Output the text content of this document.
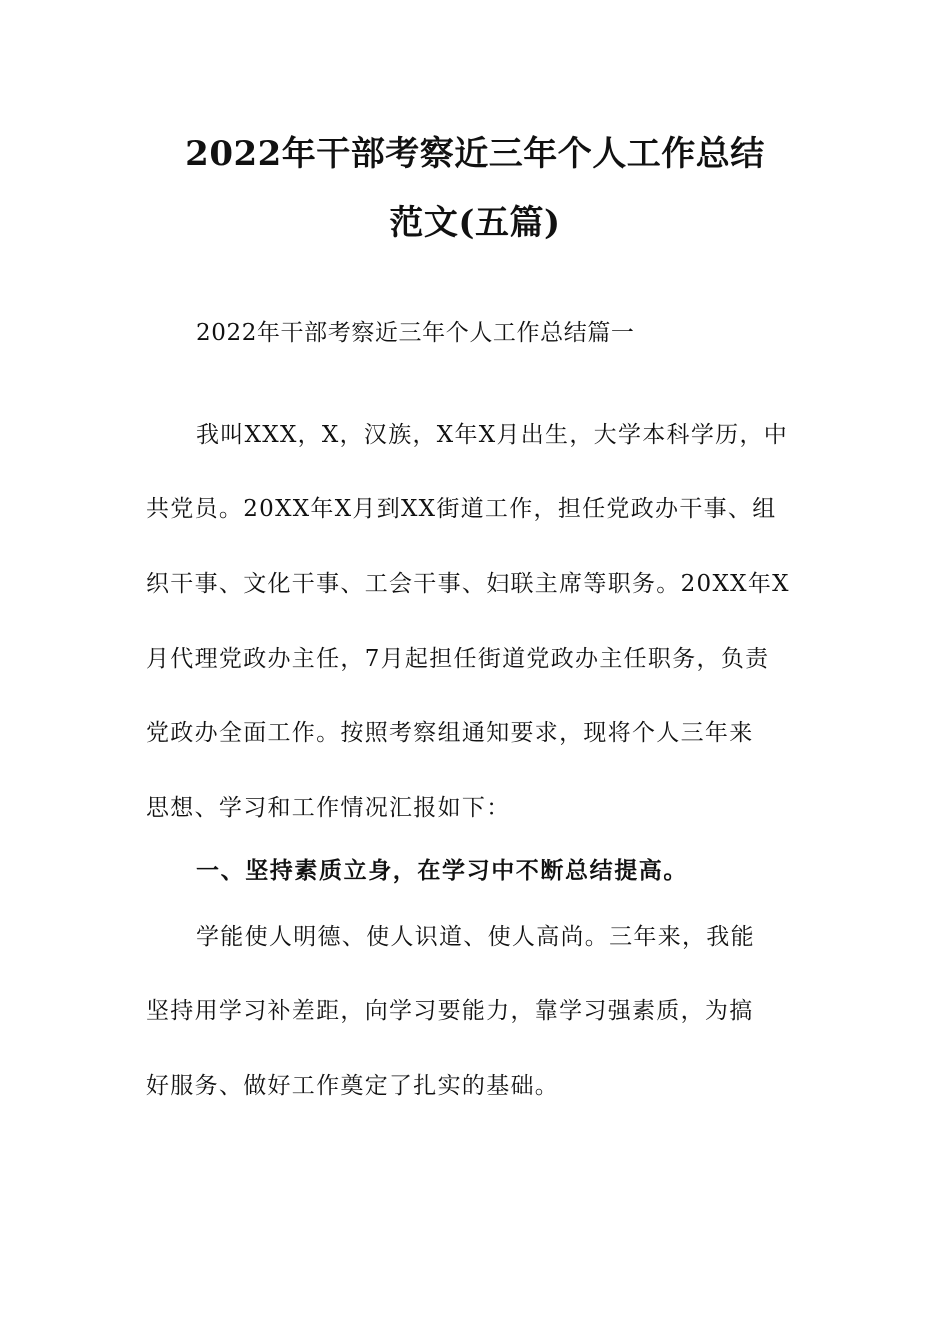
2022年干部考察近三年个人工作总结
范文(五篇)
2022年干部考察近三年个人工作总结篇一
我叫XXX，X，汉族，X年X月出生，大学本科学历，中
共党员。20XX年X月到XX街道工作，担任党政办干事、组
织干事、文化干事、工会干事、妇联主席等职务。20XX年X
月代理党政办主任，7月起担任街道党政办主任职务，负责
党政办全面工作。按照考察组通知要求，现将个人三年来
思想、学习和工作情况汇报如下：
一、坚持素质立身，在学习中不断总结提高。
学能使人明德、使人识道、使人高尚。三年来，我能
坚持用学习补差距，向学习要能力，靠学习强素质，为搞
好服务、做好工作奠定了扎实的基础。
